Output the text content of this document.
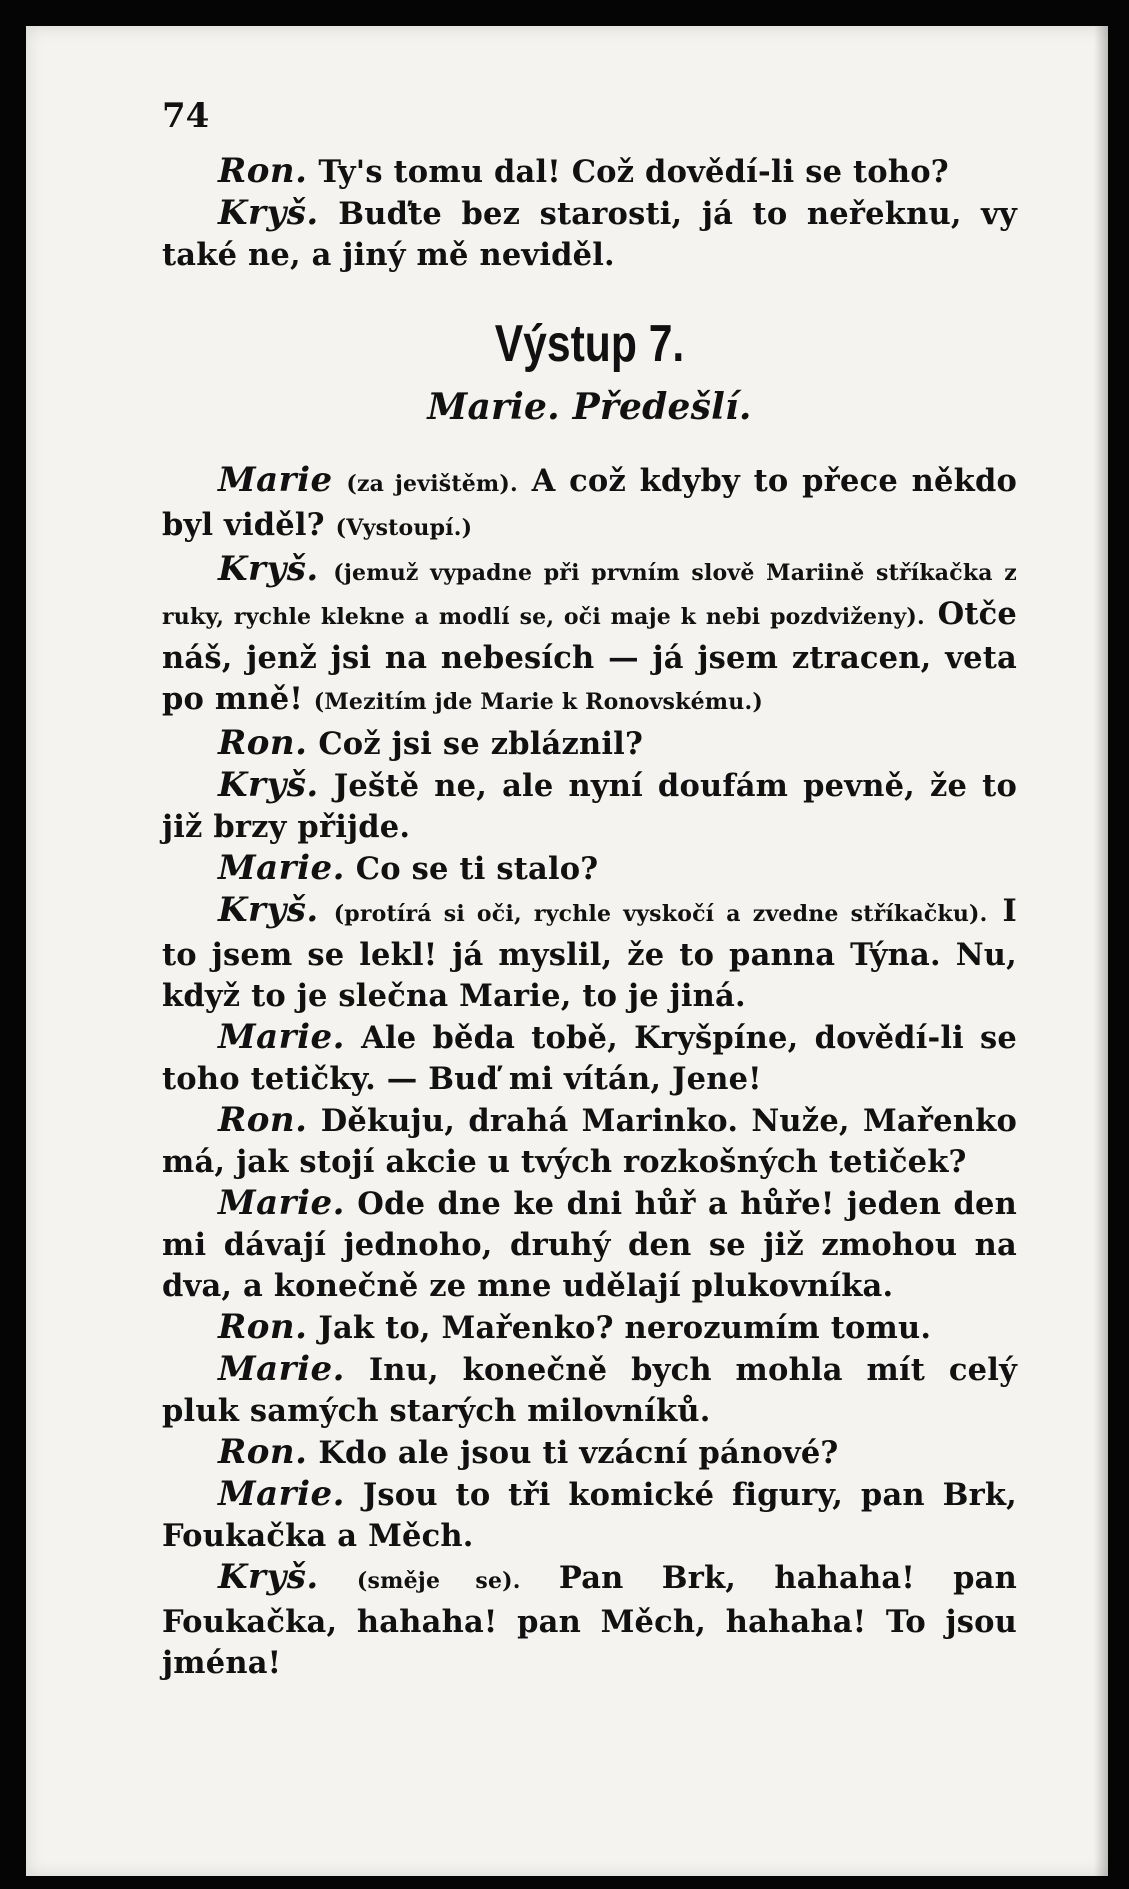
74

Ron. Ty's tomu dal! Což dovědí-li se toho?

Kryš. Buďte bez starosti, já to neřeknu, vy také ne, a jiný mě neviděl.

Výstup 7.
Marie. Předešlí.

Marie (za jevištěm). A což kdyby to přece někdo byl viděl? (Vystoupí.)

Kryš. (jemuž vypadne při prvním slově Mariině stříkačka z ruky, rychle klekne a modlí se, oči maje k nebi pozdviženy). Otče náš, jenž jsi na nebesích — já jsem ztracen, veta po mně! (Mezitím jde Marie k Ronovskému.)

Ron. Což jsi se zbláznil?

Kryš. Ještě ne, ale nyní doufám pevně, že to již brzy přijde.

Marie. Co se ti stalo?

Kryš. (protírá si oči, rychle vyskočí a zvedne stříkačku). I to jsem se lekl! já myslil, že to panna Týna. Nu, když to je slečna Marie, to je jiná.

Marie. Ale běda tobě, Kryšpíne, dovědí-li se toho tetičky. — Buď mi vítán, Jene!

Ron. Děkuju, drahá Marinko. Nuže, Mařenko má, jak stojí akcie u tvých rozkošných tetiček?

Marie. Ode dne ke dni hůř a hůře! jeden den mi dávají jednoho, druhý den se již zmohou na dva, a konečně ze mne udělají plukovníka.

Ron. Jak to, Mařenko? nerozumím tomu.

Marie. Inu, konečně bych mohla mít celý pluk samých starých milovníků.

Ron. Kdo ale jsou ti vzácní pánové?

Marie. Jsou to tři komické figury, pan Brk, Foukačka a Měch.

Kryš. (směje se). Pan Brk, hahaha! pan Foukačka, hahaha! pan Měch, hahaha! To jsou jména!
